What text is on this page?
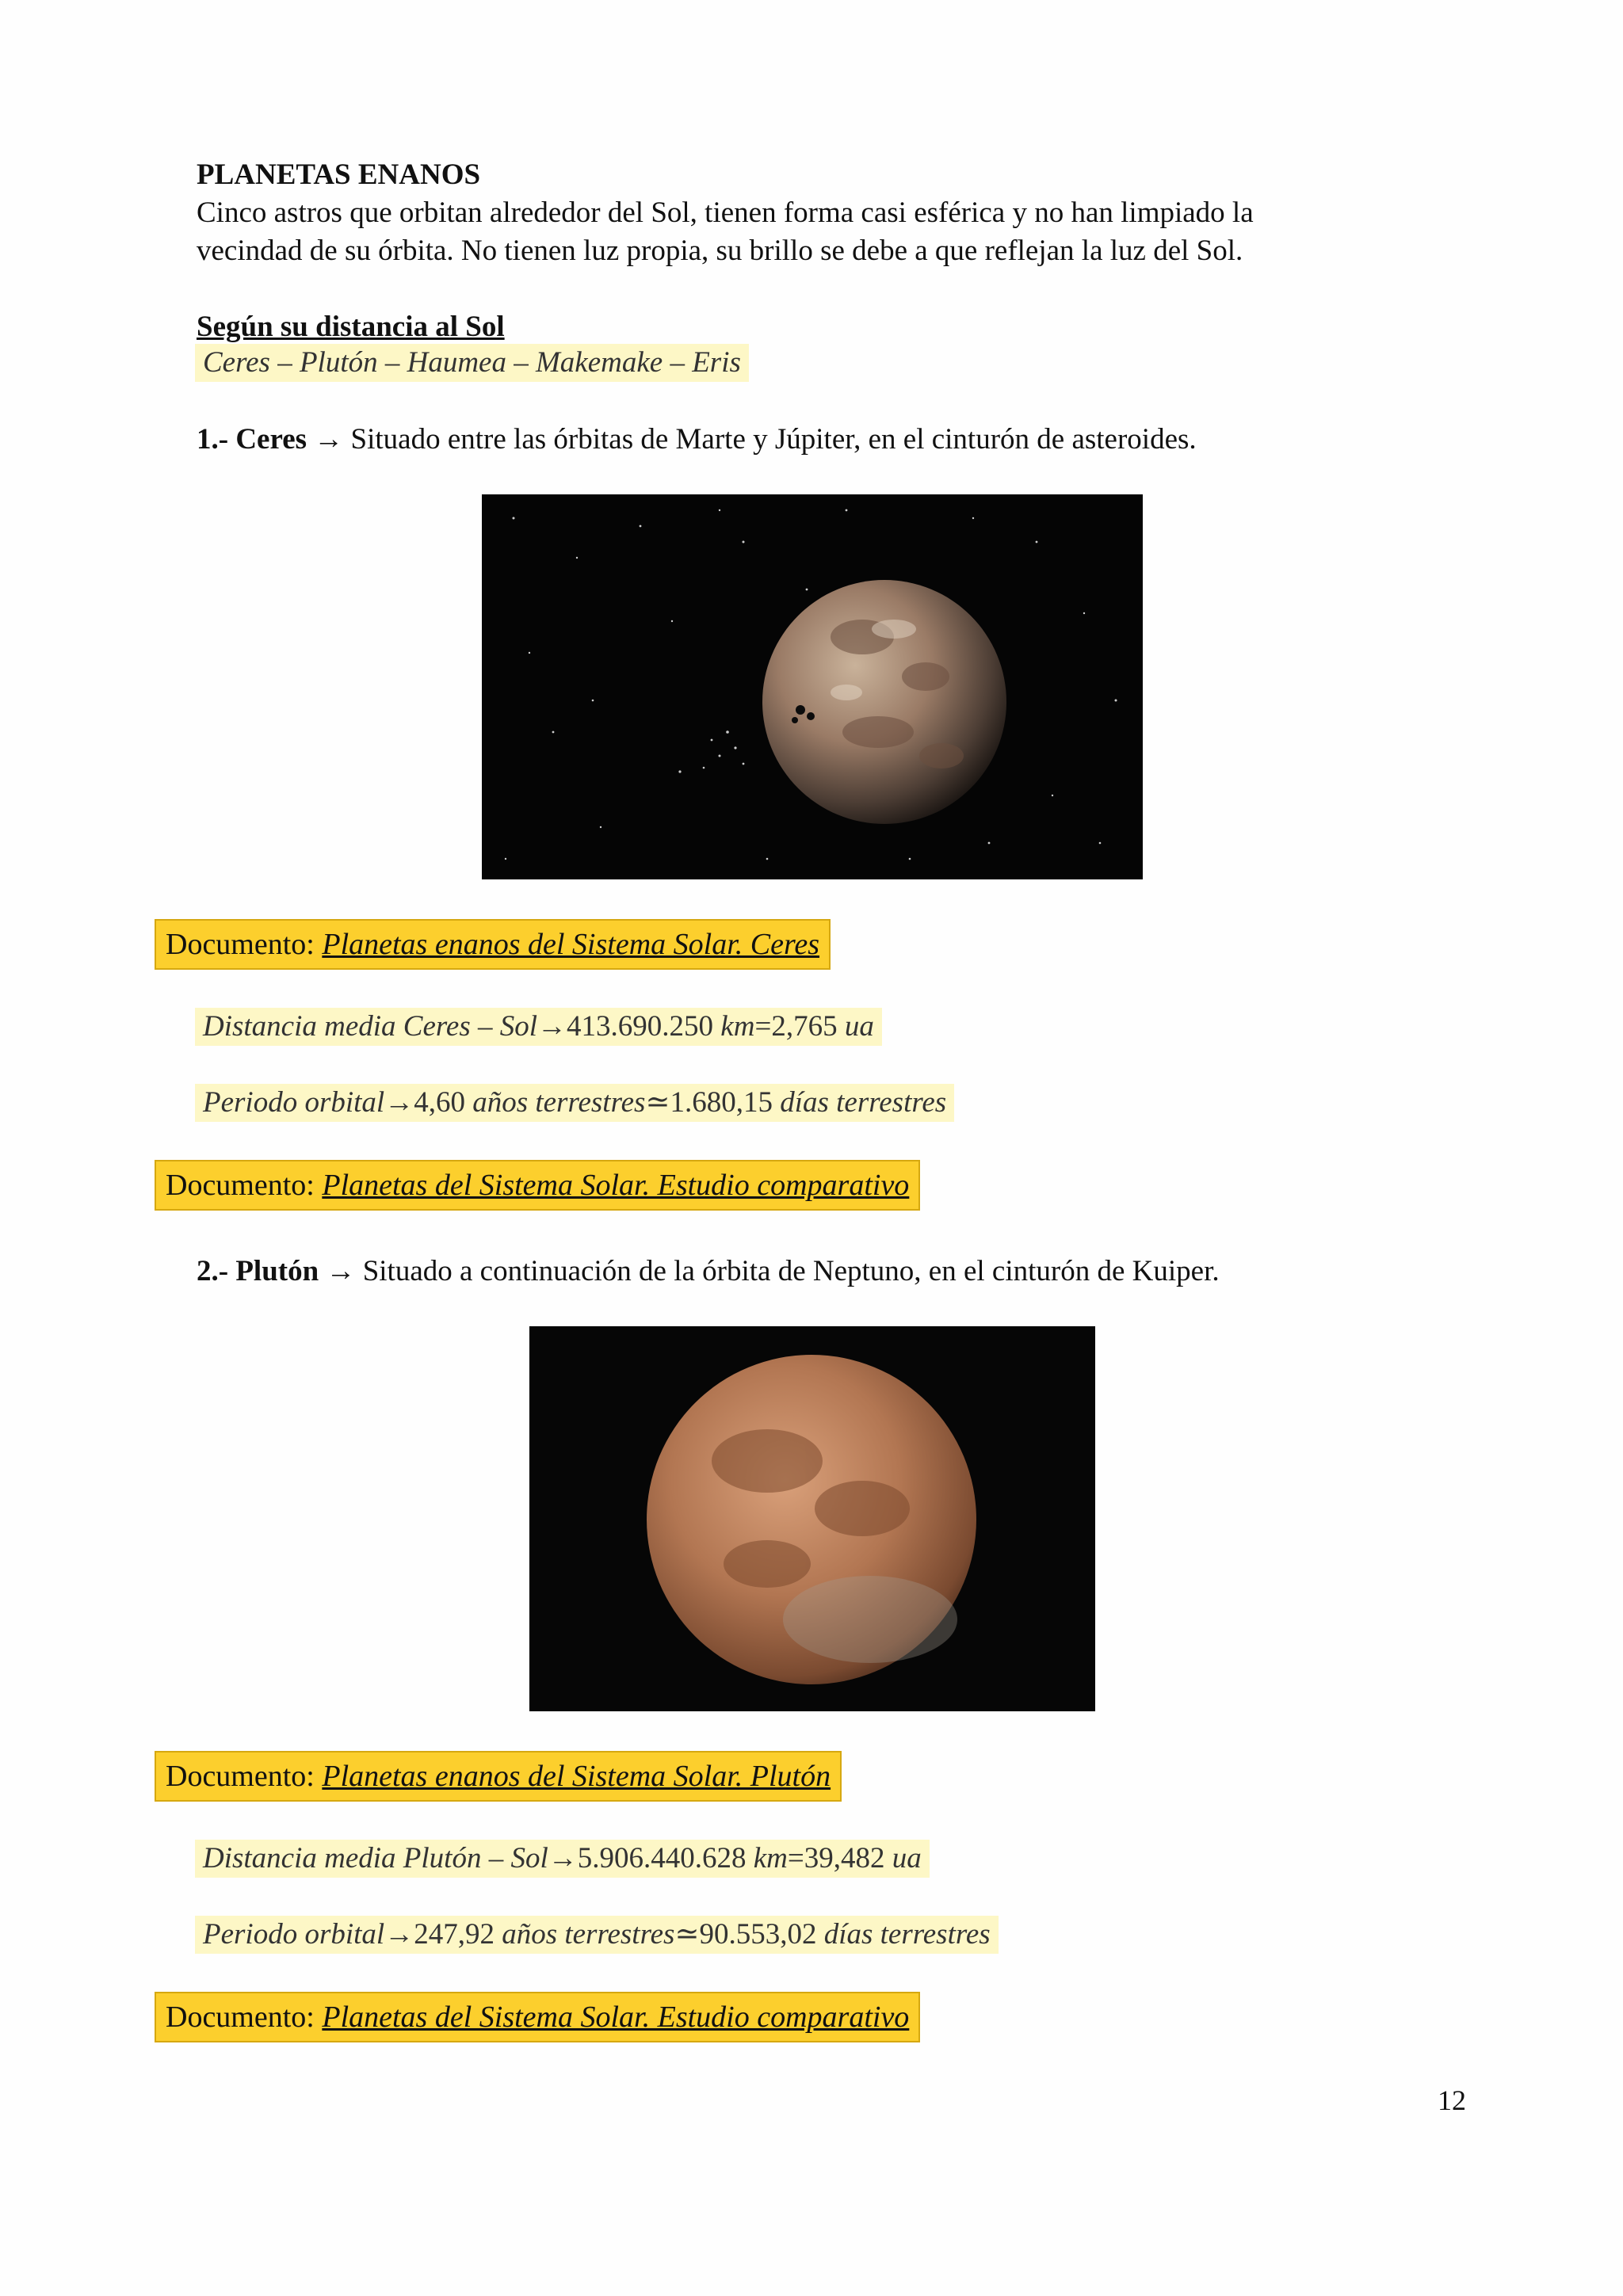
PLANETAS ENANOS
Cinco astros que orbitan alrededor del Sol, tienen forma casi esférica y no han limpiado la
vecindad de su órbita. No tienen luz propia, su brillo se debe a que reflejan la luz del Sol.
Según su distancia al Sol
Ceres – Plutón – Haumea – Makemake – Eris
1.- Ceres → Situado entre las órbitas de Marte y Júpiter, en el cinturón de asteroides.
Documento: Planetas enanos del Sistema Solar. Ceres
Distancia media Ceres – Sol→413.690.250 km=2,765 ua
Periodo orbital→4,60 años terrestres≃1.680,15 días terrestres
Documento: Planetas del Sistema Solar. Estudio comparativo
2.- Plutón → Situado a continuación de la órbita de Neptuno, en el cinturón de Kuiper.
Documento: Planetas enanos del Sistema Solar. Plutón
Distancia media Plutón – Sol→5.906.440.628 km=39,482 ua
Periodo orbital→247,92 años terrestres≃90.553,02 días terrestres
Documento: Planetas del Sistema Solar. Estudio comparativo
12
